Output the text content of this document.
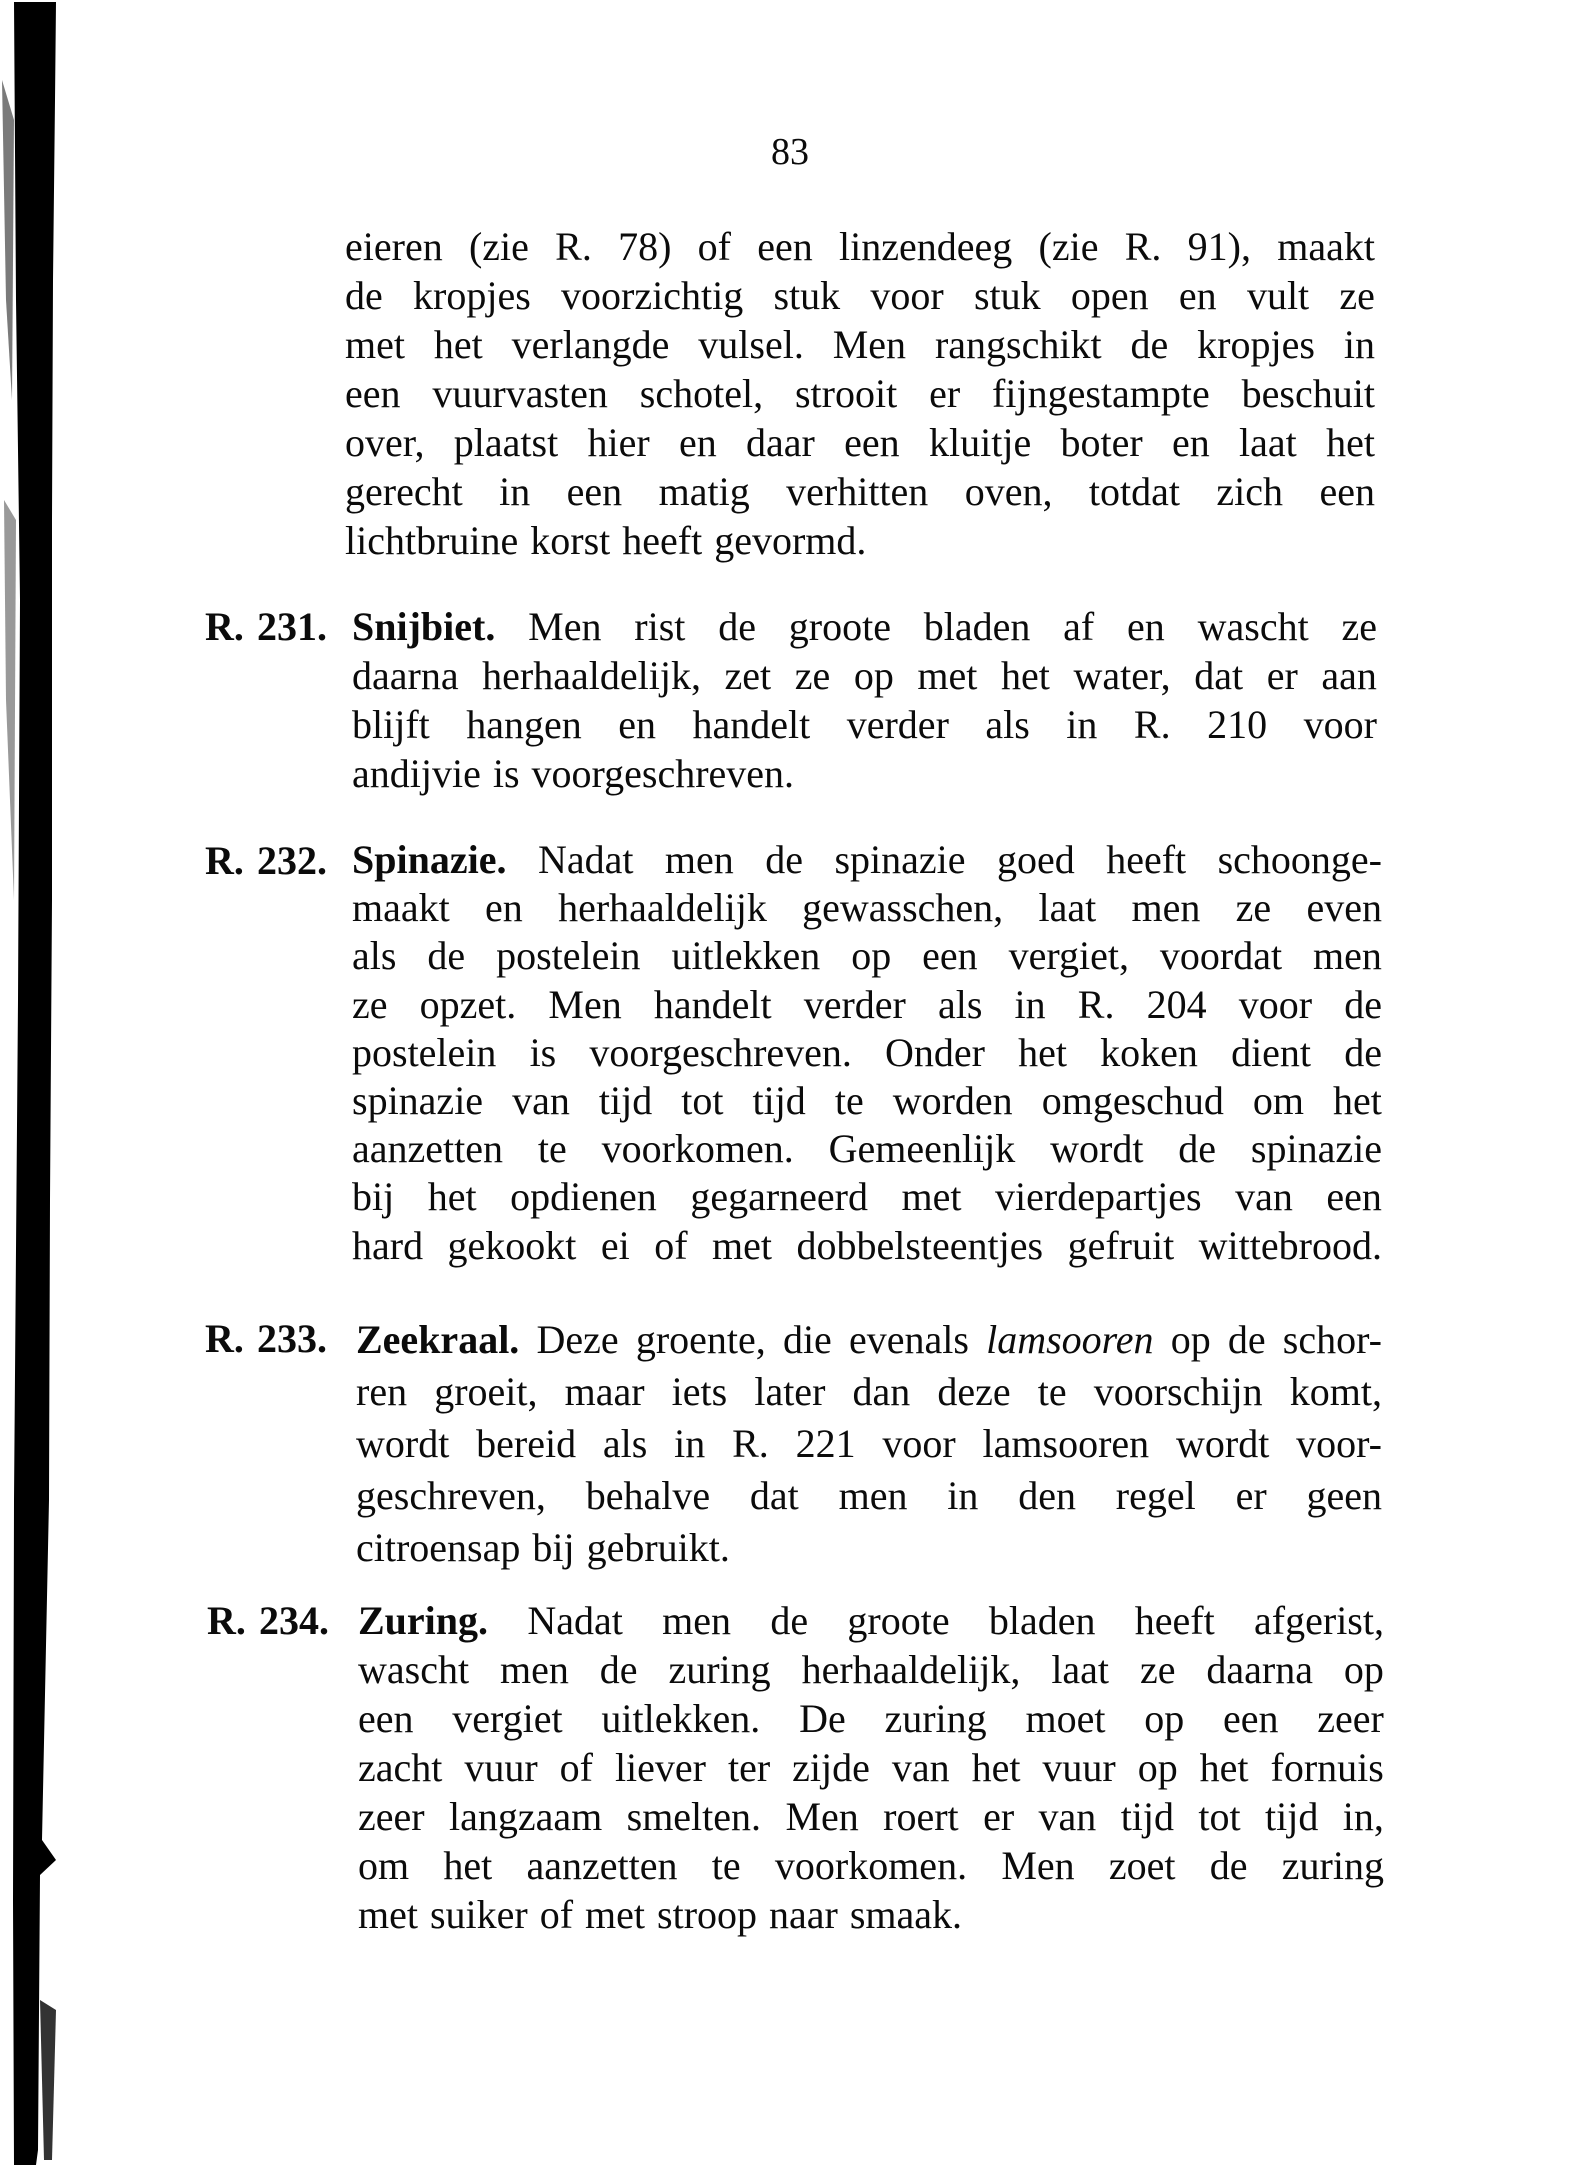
83
eieren (zie R. 78) of een linzendeeg (zie R. 91), maakt
de kropjes voorzichtig stuk voor stuk open en vult ze
met het verlangde vulsel. Men rangschikt de kropjes in
een vuurvasten schotel, strooit er fijngestampte beschuit
over, plaatst hier en daar een kluitje boter en laat het
gerecht in een matig verhitten oven, totdat zich een
lichtbruine korst heeft gevormd.
R. 231. Snijbiet. Men rist de groote bladen af en wascht ze
daarna herhaaldelijk, zet ze op met het water, dat er aan
blijft hangen en handelt verder als in R. 210 voor
andijvie is voorgeschreven.
R. 232. Spinazie. Nadat men de spinazie goed heeft schoonge-
maakt en herhaaldelijk gewasschen, laat men ze even
als de postelein uitlekken op een vergiet, voordat men
ze opzet. Men handelt verder als in R. 204 voor de
postelein is voorgeschreven. Onder het koken dient de
spinazie van tijd tot tijd te worden omgeschud om het
aanzetten te voorkomen. Gemeenlijk wordt de spinazie
bij het opdienen gegarneerd met vierdepartjes van een
hard gekookt ei of met dobbelsteentjes gefruit wittebrood.
R. 233. Zeekraal. Deze groente, die evenals lamsooren op de schor-
ren groeit, maar iets later dan deze te voorschijn komt,
wordt bereid als in R. 221 voor lamsooren wordt voor-
geschreven, behalve dat men in den regel er geen
citroensap bij gebruikt.
R. 234. Zuring. Nadat men de groote bladen heeft afgerist,
wascht men de zuring herhaaldelijk, laat ze daarna op
een vergiet uitlekken. De zuring moet op een zeer
zacht vuur of liever ter zijde van het vuur op het fornuis
zeer langzaam smelten. Men roert er van tijd tot tijd in,
om het aanzetten te voorkomen. Men zoet de zuring
met suiker of met stroop naar smaak.
